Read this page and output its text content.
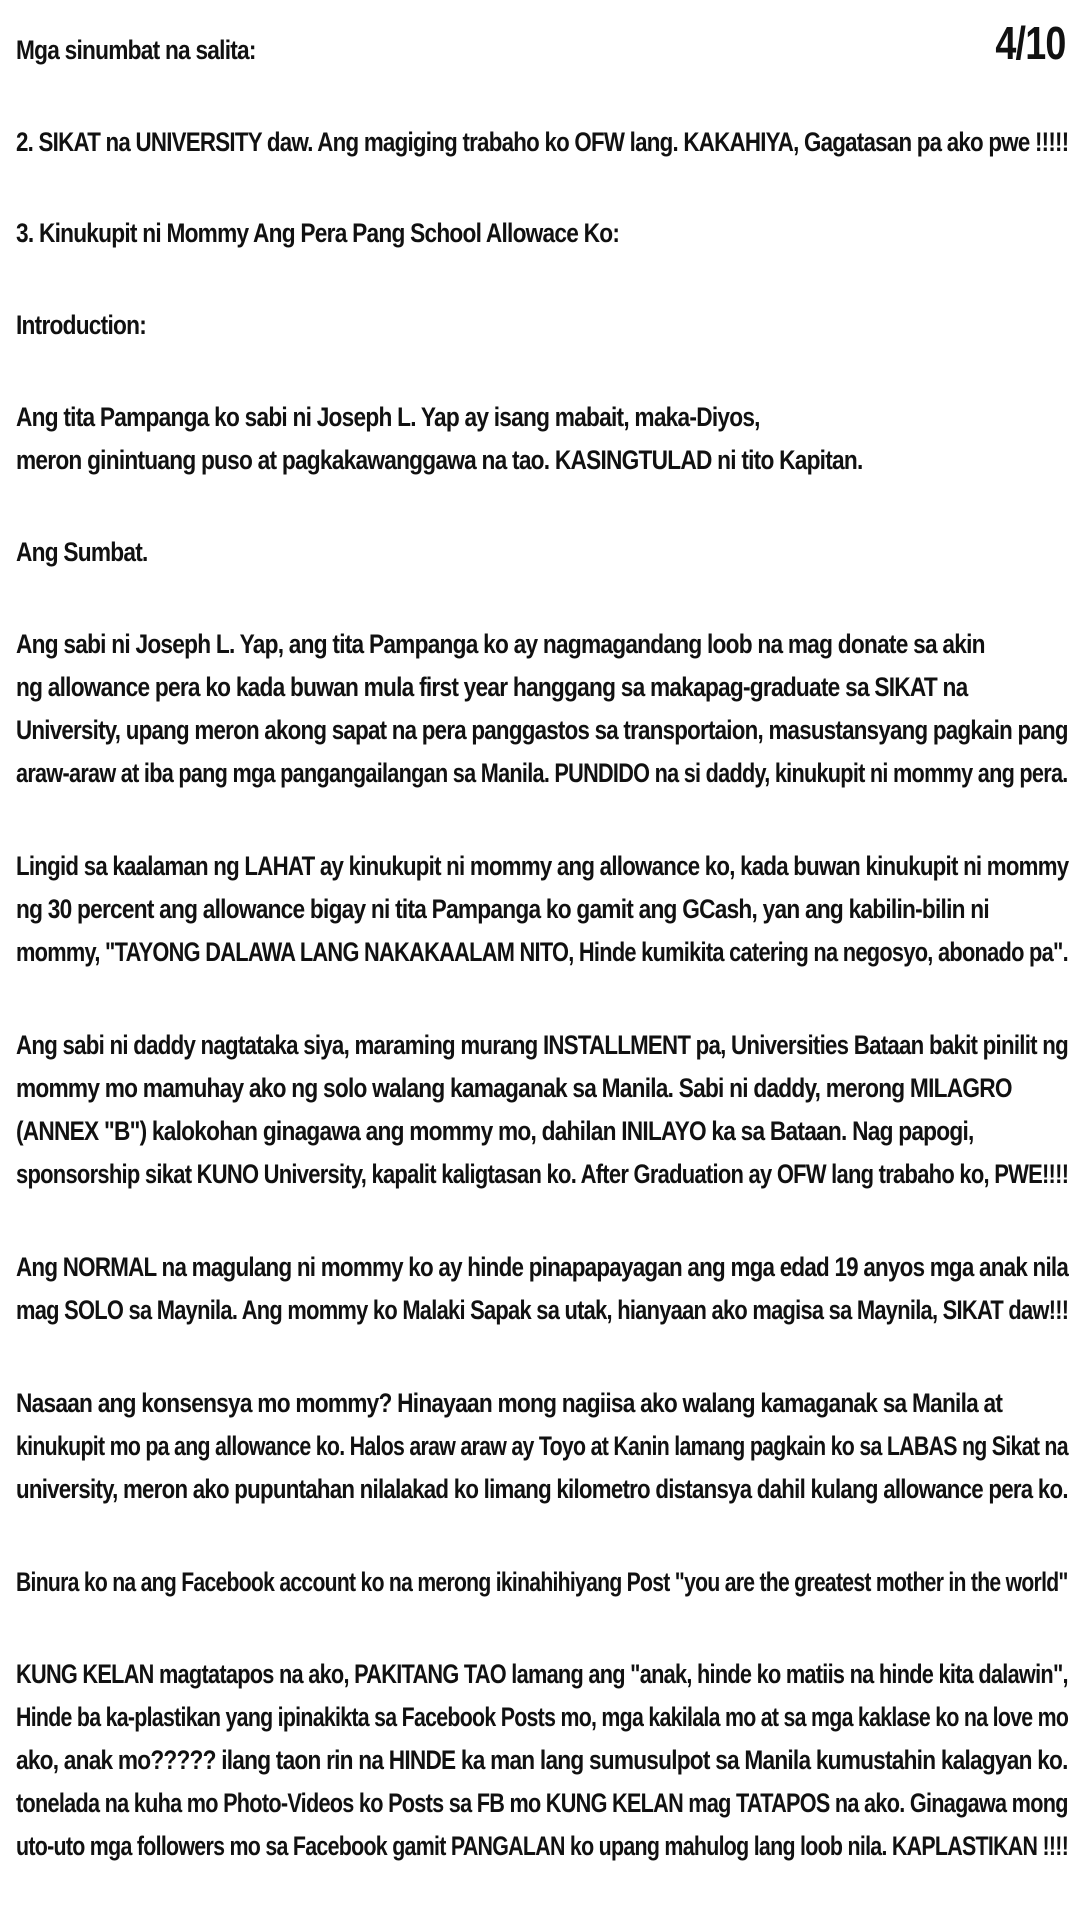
4/10
Mga sinumbat na salita:
2. SIKAT na UNIVERSITY daw. Ang magiging trabaho ko OFW lang. KAKAHIYA, Gagatasan pa ako pwe !!!!!
3. Kinukupit ni Mommy Ang Pera Pang School Allowace Ko:
Introduction:
Ang tita Pampanga ko sabi ni Joseph L. Yap ay isang mabait, maka-Diyos,
meron ginintuang puso at pagkakawanggawa na tao. KASINGTULAD ni tito Kapitan.
Ang Sumbat.
Ang sabi ni Joseph L. Yap, ang tita Pampanga ko ay nagmagandang loob na mag donate sa akin
ng allowance pera ko kada buwan mula first year hanggang sa makapag-graduate sa SIKAT na
University, upang meron akong sapat na pera panggastos sa transportaion, masustansyang pagkain pang
araw-araw at iba pang mga pangangailangan sa Manila. PUNDIDO na si daddy, kinukupit ni mommy ang pera.
Lingid sa kaalaman ng LAHAT ay kinukupit ni mommy ang allowance ko, kada buwan kinukupit ni mommy
ng 30 percent ang allowance bigay ni tita Pampanga ko gamit ang GCash, yan ang kabilin-bilin ni
mommy, "TAYONG DALAWA LANG NAKAKAALAM NITO, Hinde kumikita catering na negosyo, abonado pa".
Ang sabi ni daddy nagtataka siya, maraming murang INSTALLMENT pa, Universities Bataan bakit pinilit ng
mommy mo mamuhay ako ng solo walang kamaganak sa Manila. Sabi ni daddy, merong MILAGRO
(ANNEX "B") kalokohan ginagawa ang mommy mo, dahilan INILAYO ka sa Bataan. Nag papogi,
sponsorship sikat KUNO University, kapalit kaligtasan ko. After Graduation ay OFW lang trabaho ko, PWE!!!!
Ang NORMAL na magulang ni mommy ko ay hinde pinapapayagan ang mga edad 19 anyos mga anak nila
mag SOLO sa Maynila. Ang mommy ko Malaki Sapak sa utak, hianyaan ako magisa sa Maynila, SIKAT daw!!!
Nasaan ang konsensya mo mommy? Hinayaan mong nagiisa ako walang kamaganak sa Manila at
kinukupit mo pa ang allowance ko. Halos araw araw ay Toyo at Kanin lamang pagkain ko sa LABAS ng Sikat na
university, meron ako pupuntahan nilalakad ko limang kilometro distansya dahil kulang allowance pera ko.
Binura ko na ang Facebook account ko na merong ikinahihiyang Post "you are the greatest mother in the world"
KUNG KELAN magtatapos na ako, PAKITANG TAO lamang ang "anak, hinde ko matiis na hinde kita dalawin",
Hinde ba ka-plastikan yang ipinakikta sa Facebook Posts mo, mga kakilala mo at sa mga kaklase ko na love mo
ako, anak mo????? ilang taon rin na HINDE ka man lang sumusulpot sa Manila kumustahin kalagyan ko.
tonelada na kuha mo Photo-Videos ko Posts sa FB mo KUNG KELAN mag TATAPOS na ako. Ginagawa mong
uto-uto mga followers mo sa Facebook gamit PANGALAN ko upang mahulog lang loob nila. KAPLASTIKAN !!!!
